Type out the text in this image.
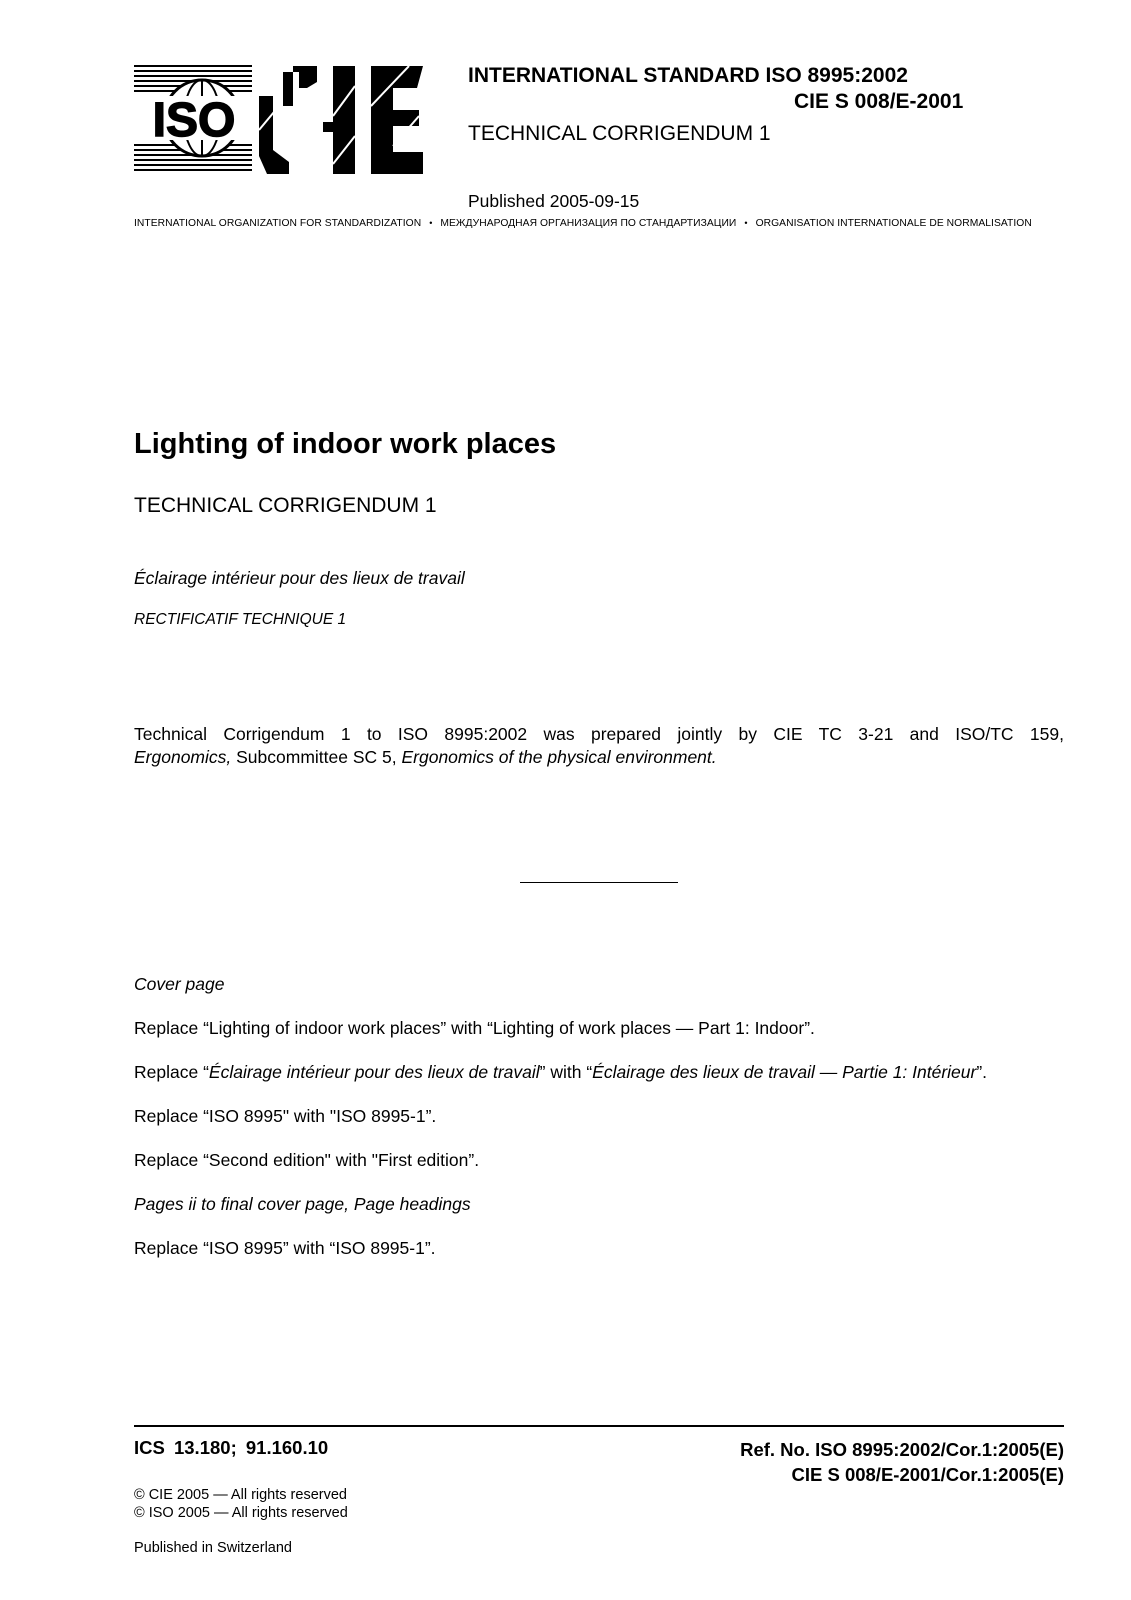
ISO
CIE	INTERNATIONAL STANDARD ISO 8995:2002
CIE S 008/E-2001
TECHNICAL CORRIGENDUM 1
Published 2005-09-15
INTERNATIONAL ORGANIZATION FOR STANDARDIZATION • МЕЖДУНАРОДНАЯ ОРГАНИЗАЦИЯ ПО СТАНДАРТИЗАЦИИ • ORGANISATION INTERNATIONALE DE NORMALISATION
Lighting of indoor work places
TECHNICAL CORRIGENDUM 1
Éclairage intérieur pour des lieux de travail
RECTIFICATIF TECHNIQUE 1
Technical Corrigendum 1 to ISO 8995:2002 was prepared jointly by CIE TC 3-21 and ISO/TC 159,
Ergonomics, Subcommittee SC 5, Ergonomics of the physical environment.
Cover page
Replace “Lighting of indoor work places” with “Lighting of work places — Part 1: Indoor”.
Replace “Éclairage intérieur pour des lieux de travail” with “Éclairage des lieux de travail — Partie 1: Intérieur”.
Replace “ISO 8995" with "ISO 8995-1”.
Replace “Second edition" with "First edition”.
Pages ii to final cover page, Page headings
Replace “ISO 8995” with “ISO 8995-1”.
ICS 13.180; 91.160.10	Ref. No. ISO 8995:2002/Cor.1:2005(E)
CIE S 008/E-2001/Cor.1:2005(E)
© CIE 2005 — All rights reserved
© ISO 2005 — All rights reserved
Published in Switzerland
